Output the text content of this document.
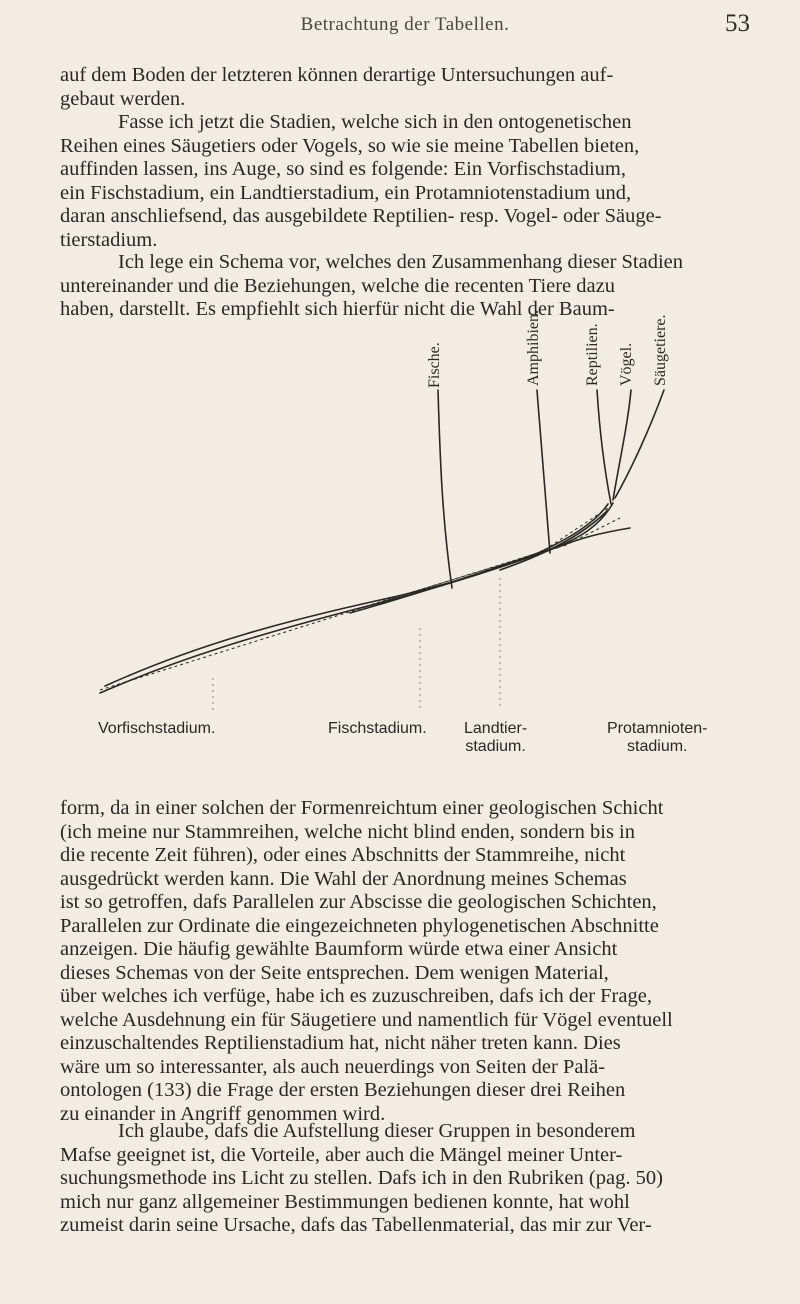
Betrachtung der Tabellen.	53
auf dem Boden der letzteren können derartige Untersuchungen auf-
gebaut werden.
Fasse ich jetzt die Stadien, welche sich in den ontogenetischen
Reihen eines Säugetiers oder Vogels, so wie sie meine Tabellen bieten,
auffinden lassen, ins Auge, so sind es folgende: Ein Vorfischstadium,
ein Fischstadium, ein Landtierstadium, ein Protamniotenstadium und,
daran anschliefsend, das ausgebildete Reptilien- resp. Vogel- oder Säuge-
tierstadium.
Ich lege ein Schema vor, welches den Zusammenhang dieser Stadien
untereinander und die Beziehungen, welche die recenten Tiere dazu
haben, darstellt. Es empfiehlt sich hierfür nicht die Wahl der Baum-
Fische.	Amphibien.	Reptilien. Vögel. Säugetiere.
Vorfischstadium.	Fischstadium. Landtier-
stadium.
Protamnioten-
stadium.
form, da in einer solchen der Formenreichtum einer geologischen Schicht
(ich meine nur Stammreihen, welche nicht blind enden, sondern bis in
die recente Zeit führen), oder eines Abschnitts der Stammreihe, nicht
ausgedrückt werden kann. Die Wahl der Anordnung meines Schemas
ist so getroffen, dafs Parallelen zur Abscisse die geologischen Schichten,
Parallelen zur Ordinate die eingezeichneten phylogenetischen Abschnitte
anzeigen. Die häufig gewählte Baumform würde etwa einer Ansicht
dieses Schemas von der Seite entsprechen. Dem wenigen Material,
über welches ich verfüge, habe ich es zuzuschreiben, dafs ich der Frage,
welche Ausdehnung ein für Säugetiere und namentlich für Vögel eventuell
einzuschaltendes Reptilienstadium hat, nicht näher treten kann. Dies
wäre um so interessanter, als auch neuerdings von Seiten der Palä-
ontologen (133) die Frage der ersten Beziehungen dieser drei Reihen
zu einander in Angriff genommen wird.
Ich glaube, dafs die Aufstellung dieser Gruppen in besonderem
Mafse geeignet ist, die Vorteile, aber auch die Mängel meiner Unter-
suchungsmethode ins Licht zu stellen. Dafs ich in den Rubriken (pag. 50)
mich nur ganz allgemeiner Bestimmungen bedienen konnte, hat wohl
zumeist darin seine Ursache, dafs das Tabellenmaterial, das mir zur Ver-
